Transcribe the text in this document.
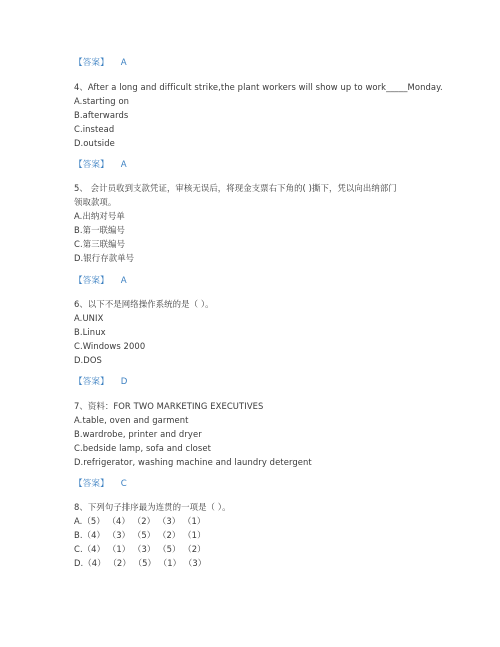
【答案】 A
4、After a long and difficult strike,the plant workers will show up to work_____Monday.
A.starting on
B.afterwards
C.instead
D.outside
【答案】 A
5、 会计员收到支款凭证，审核无误后，将现金支票右下角的( )撕下，凭以向出纳部门
领取款项。
A.出纳对号单
B.第一联编号
C.第三联编号
D.银行存款单号
【答案】 A
6、以下不是网络操作系统的是（ ）。
A.UNIX
B.Linux
C.Windows 2000
D.DOS
【答案】 D
7、资料：FOR TWO MARKETING EXECUTIVES
A.table, oven and garment
B.wardrobe, printer and dryer
C.bedside lamp, sofa and closet
D.refrigerator, washing machine and laundry detergent
【答案】 C
8、下列句子排序最为连贯的一项是（ ）。
A.（5） （4） （2） （3） （1）
B.（4） （3） （5） （2） （1）
C.（4） （1） （3） （5） （2）
D.（4） （2） （5） （1） （3）
